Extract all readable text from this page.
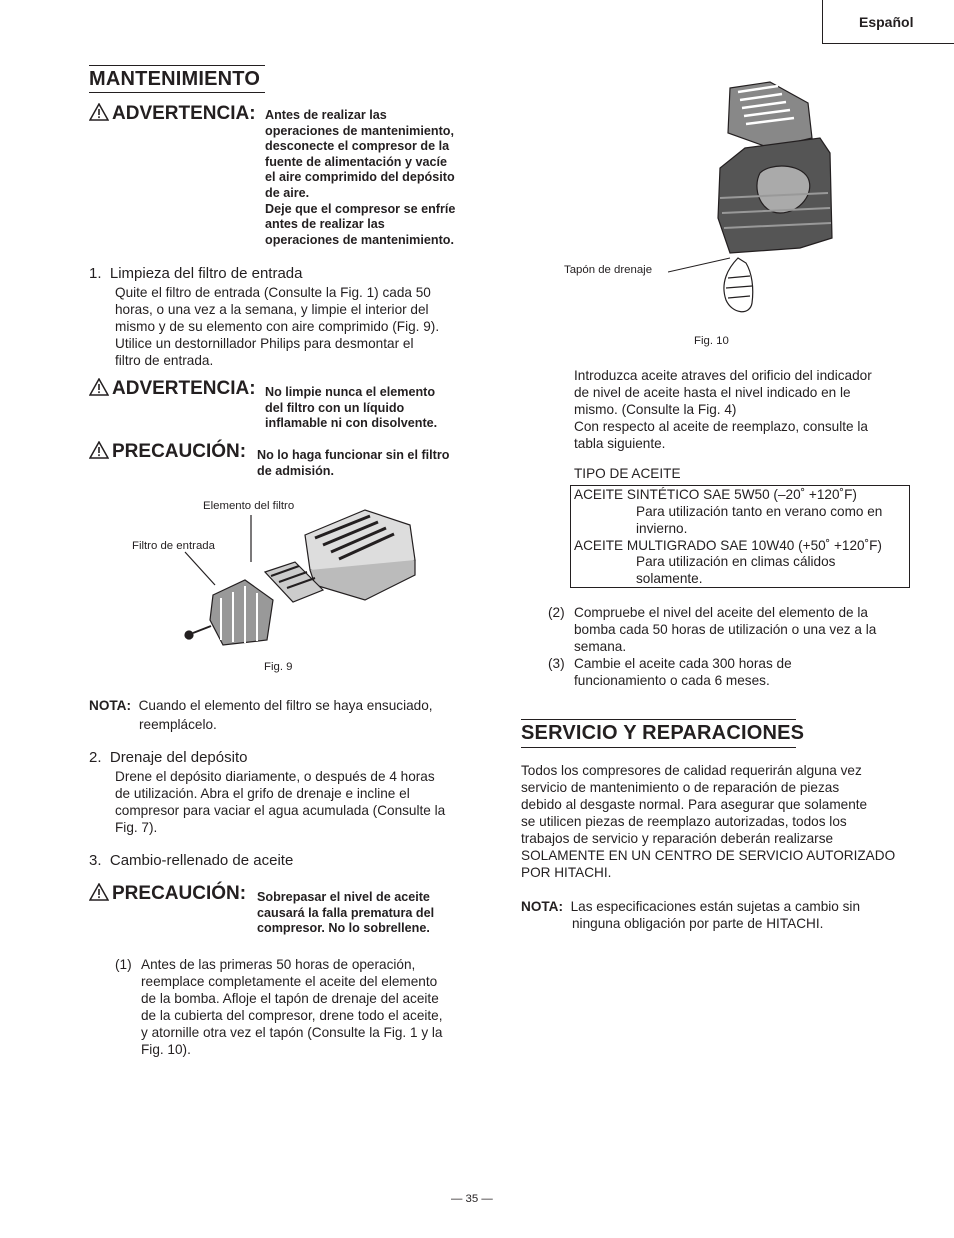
Español
MANTENIMIENTO
ADVERTENCIA: Antes de realizar las
operaciones de mantenimiento,
desconecte el compresor de la
fuente de alimentación y vacíe
el aire comprimido del depósito
de aire.
Deje que el compresor se enfríe
antes de realizar las
operaciones de mantenimiento.
1. Limpieza del filtro de entrada
Quite el filtro de entrada (Consulte la Fig. 1) cada 50
horas, o una vez a la semana, y limpie el interior del
mismo y de su elemento con aire comprimido (Fig. 9).
Utilice un destornillador Philips para desmontar el
filtro de entrada.
ADVERTENCIA: No limpie nunca el elemento
del filtro con un líquido
inflamable ni con disolvente.
PRECAUCIÓN: No lo haga funcionar sin el filtro
de admisión.
Elemento del filtro
Filtro de entrada
Fig. 9
NOTA: Cuando el elemento del filtro se haya ensuciado,
reemplácelo.
2. Drenaje del depósito
Drene el depósito diariamente, o después de 4 horas
de utilización. Abra el grifo de drenaje e incline el
compresor para vaciar el agua acumulada (Consulte la
Fig. 7).
3. Cambio-rellenado de aceite
PRECAUCIÓN: Sobrepasar el nivel de aceite
causará la falla prematura del
compresor. No lo sobrellene.
(1) Antes de las primeras 50 horas de operación,
reemplace completamente el aceite del elemento
de la bomba. Afloje el tapón de drenaje del aceite
de la cubierta del compresor, drene todo el aceite,
y atornille otra vez el tapón (Consulte la Fig. 1 y la
Fig. 10).
Tapón de drenaje
Fig. 10
Introduzca aceite atraves del orificio del indicador
de nivel de aceite hasta el nivel indicado en le
mismo. (Consulte la Fig. 4)
Con respecto al aceite de reemplazo, consulte la
tabla siguiente.
TIPO DE ACEITE
ACEITE SINTÉTICO SAE 5W50 (–20˚ +120˚F)
Para utilización tanto en verano como en
invierno.
ACEITE MULTIGRADO SAE 10W40 (+50˚ +120˚F)
Para utilización en climas cálidos
solamente.
(2) Compruebe el nivel del aceite del elemento de la
bomba cada 50 horas de utilización o una vez a la
semana.
(3) Cambie el aceite cada 300 horas de
funcionamiento o cada 6 meses.
SERVICIO Y REPARACIONES
Todos los compresores de calidad requerirán alguna vez
servicio de mantenimiento o de reparación de piezas
debido al desgaste normal. Para asegurar que solamente
se utilicen piezas de reemplazo autorizadas, todos los
trabajos de servicio y reparación deberán realizarse
SOLAMENTE EN UN CENTRO DE SERVICIO AUTORIZADO
POR HITACHI.
NOTA: Las especificaciones están sujetas a cambio sin
ninguna obligación por parte de HITACHI.
— 35 —
